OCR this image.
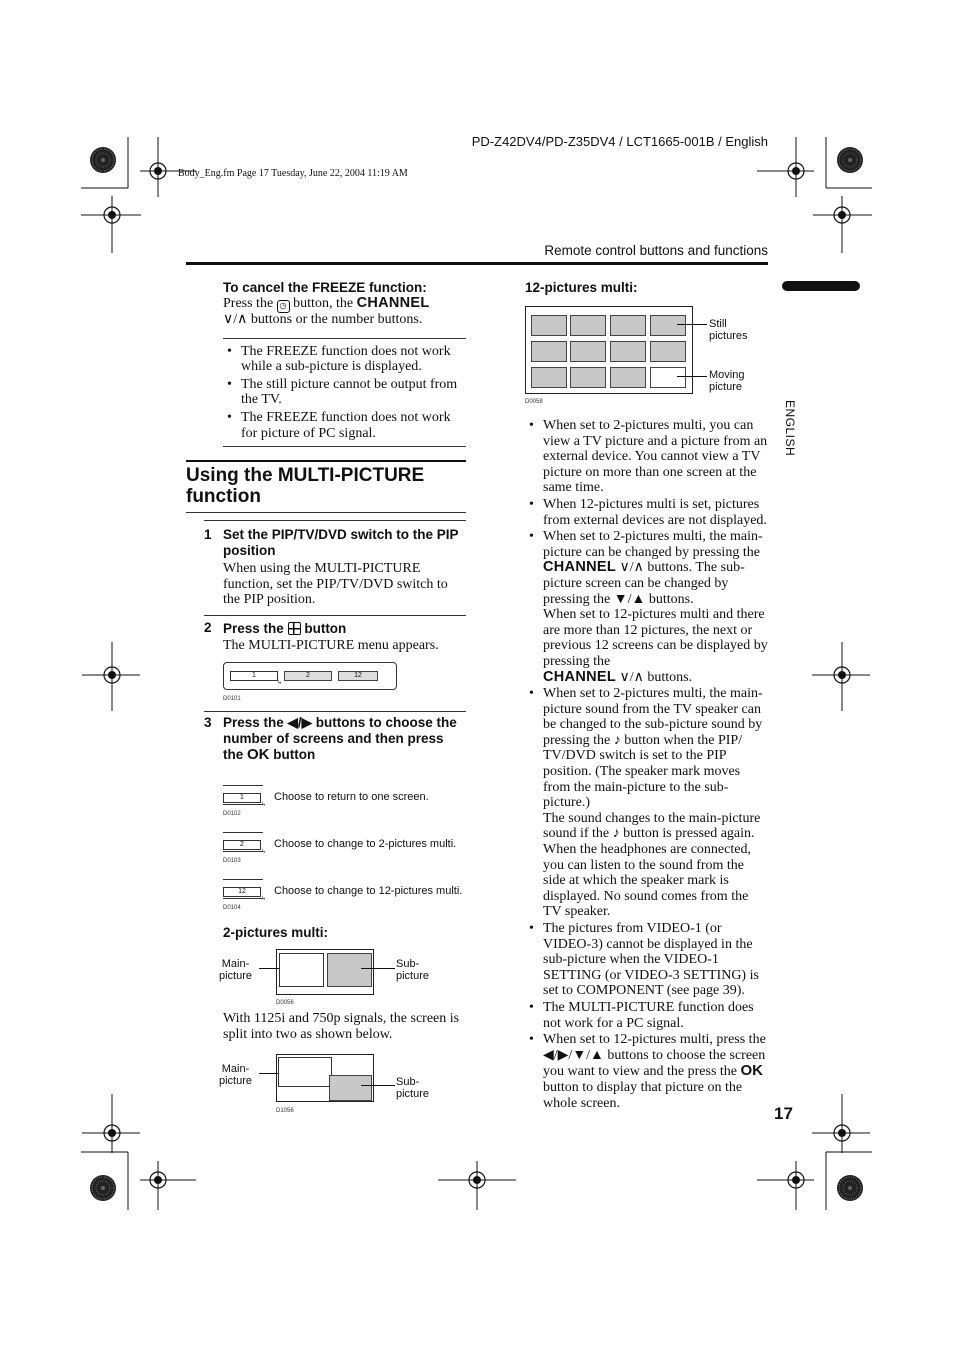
PD-Z42DV4/PD-Z35DV4 / LCT1665-001B / English
Body_Eng.fm Page 17 Tuesday, June 22, 2004 11:19 AM
Remote control buttons and functions
ENGLISH
17
To cancel the FREEZE function:

Press the ◷ button, the CHANNEL
∨/∧ buttons or the number buttons.

• The FREEZE function does not work while a sub-picture is displayed.
• The still picture cannot be output from the TV.
• The FREEZE function does not work for picture of PC signal.
Using the MULTI-PICTURE function
1 Set the PIP/TV/DVD switch to the PIP position

When using the MULTI-PICTURE function, set the PIP/TV/DVD switch to the PIP position.

2 Press the button

The MULTI-PICTURE menu appears.

1
↳
2	12
D0101
3 Press the ◀/▶ buttons to choose the number of screens and then press the OK button
1
↳
D0102
Choose to return to one screen.
2
↳
D0103
Choose to change to 2-pictures multi.
12
↳
D0104
Choose to change to 12-pictures multi.
2-pictures multi:
Main-
picture
Sub-
picture
D0056

With 1125i and 750p signals, the screen is split into two as shown below.

Main-
picture	Sub-
picture
D1056
12-pictures multi:
Still
pictures
Moving
picture
D0058
• When set to 2-pictures multi, you can view a TV picture and a picture from an external device. You cannot view a TV picture on more than one screen at the same time.
• When 12-pictures multi is set, pictures from external devices are not displayed.
• When set to 2-pictures multi, the main-picture can be changed by pressing the
CHANNEL ∨/∧ buttons. The sub-picture screen can be changed by pressing the ▼/▲ buttons.
When set to 12-pictures multi and there are more than 12 pictures, the next or previous 12 screens can be displayed by pressing the
CHANNEL ∨/∧ buttons.
• When set to 2-pictures multi, the main-picture sound from the TV speaker can be changed to the sub-picture sound by pressing the ♪ button when the PIP/ TV/DVD switch is set to the PIP position. (The speaker mark moves from the main-picture to the sub-picture.)
The sound changes to the main-picture sound if the ♪ button is pressed again. When the headphones are connected, you can listen to the sound from the side at which the speaker mark is displayed. No sound comes from the TV speaker.
• The pictures from VIDEO-1 (or VIDEO-3) cannot be displayed in the sub-picture when the VIDEO-1 SETTING (or VIDEO-3 SETTING) is set to COMPONENT (see page 39).
• The MULTI-PICTURE function does not work for a PC signal.
• When set to 12-pictures multi, press the ◀/▶/▼/▲ buttons to choose the screen you want to view and the press the OK button to display that picture on the whole screen.
